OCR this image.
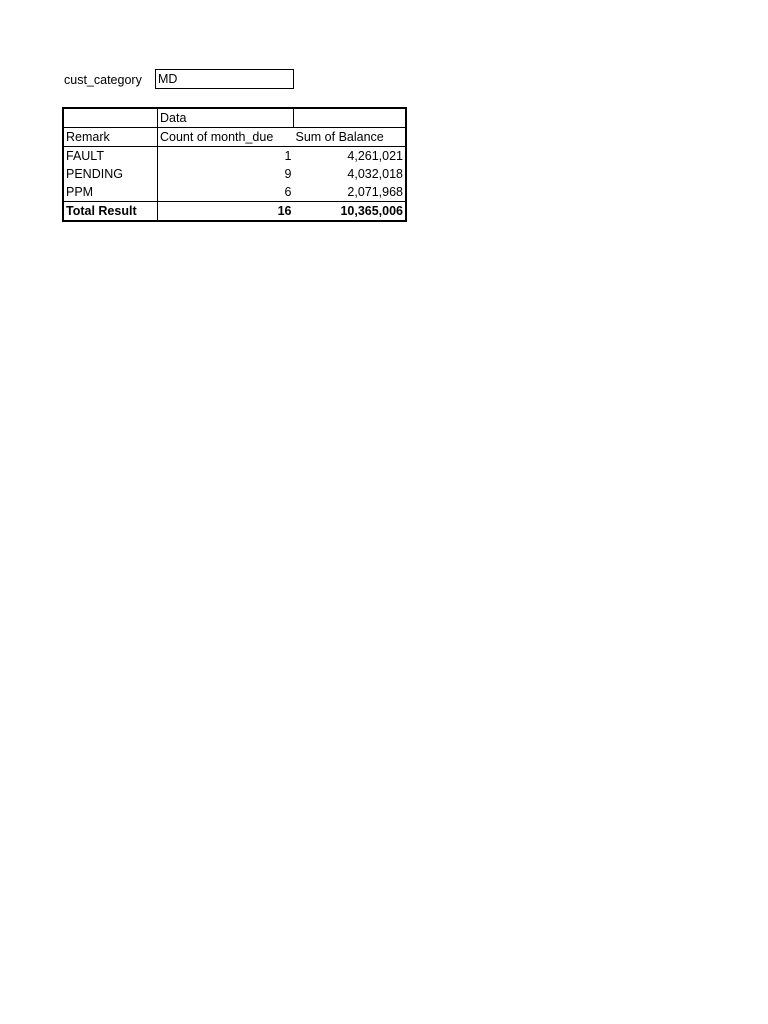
cust_category MD
	Data	
Remark	Count of month_due	Sum of Balance
FAULT	1	4,261,021
PENDING	9	4,032,018
PPM	6	2,071,968
Total Result	16	10,365,006
